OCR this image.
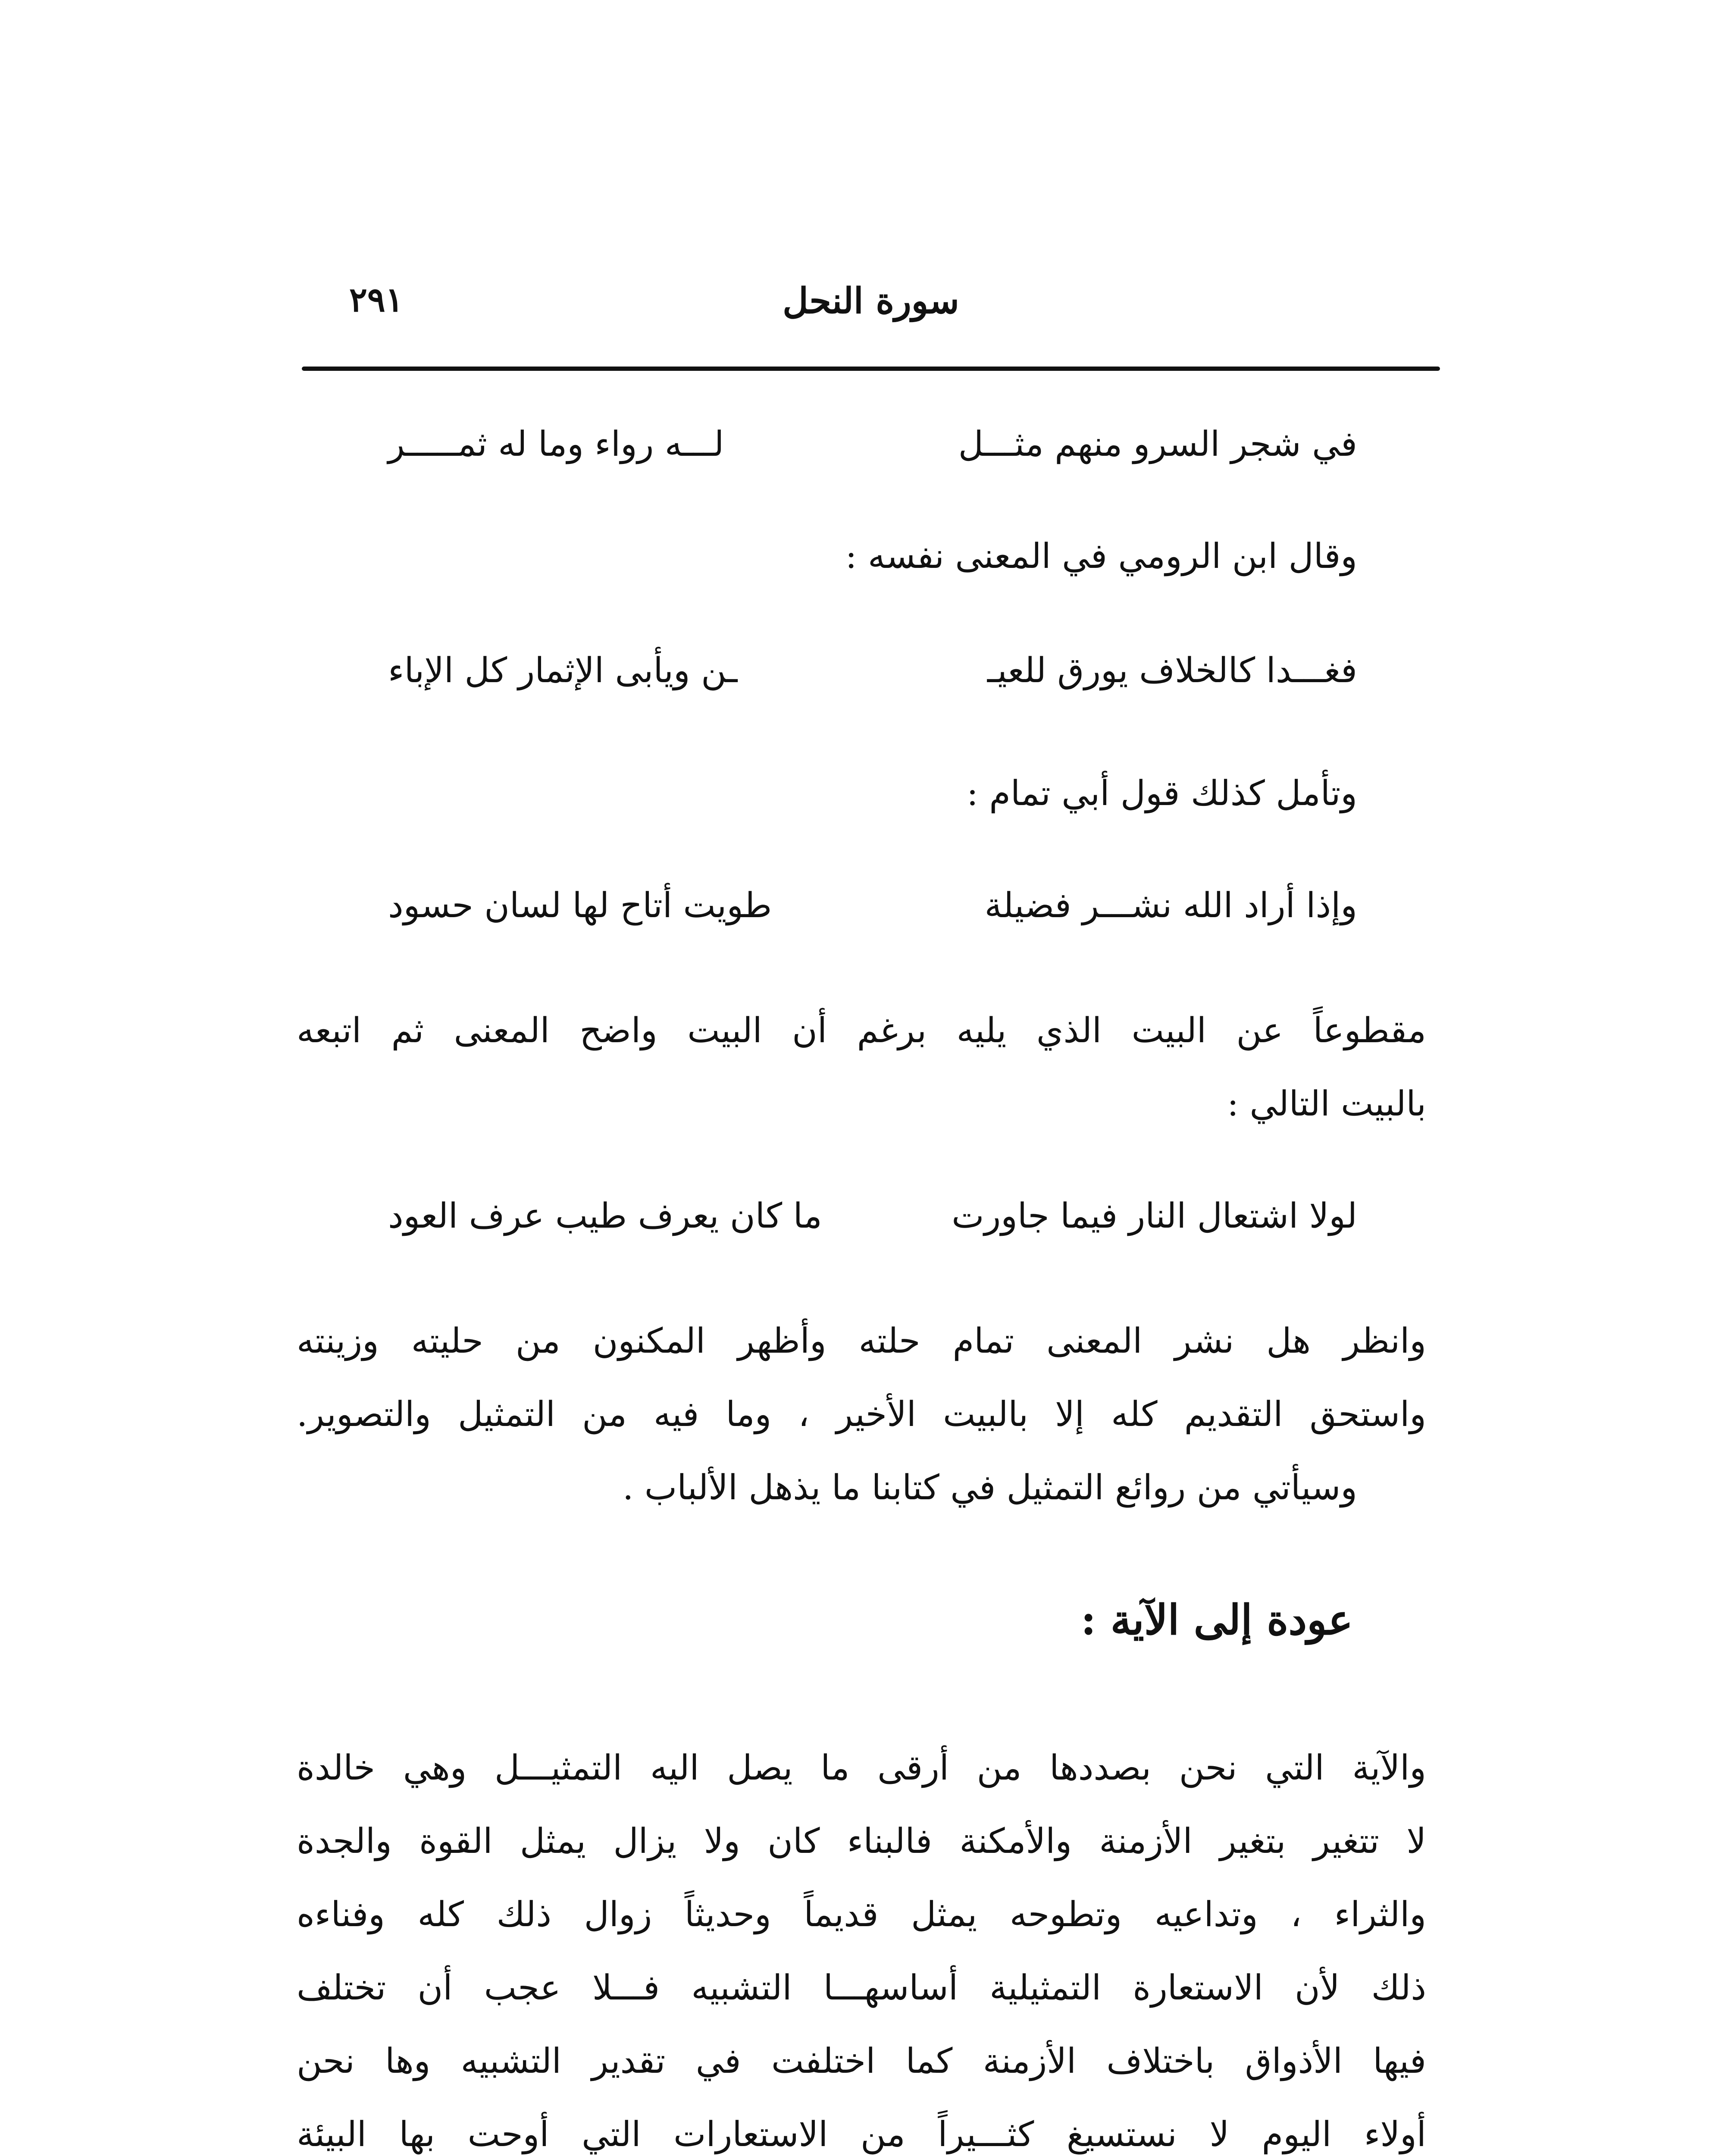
سورة النحل
٢٩١
في شجر السرو منهم مثـــل
لـــه رواء وما له ثمـــــر
وقال ابن الرومي في المعنى نفسه :
فغـــدا كالخلاف يورق للعيـ
ـن ويأبى الإثمار كل الإباء
وتأمل كذلك قول أبي تمام :
وإذا أراد الله نشـــر فضيلة
طويت أتاح لها لسان حسود
مقطوعاً عن البيت الذي يليه برغم أن البيت واضح المعنى ثم اتبعه
بالبيت التالي :
لولا اشتعال النار فيما جاورت
ما كان يعرف طيب عرف العود
وانظر هل نشر المعنى تمام حلته وأظهر المكنون من حليته وزينته
واستحق التقديم كله إلا بالبيت الأخير ، وما فيه من التمثيل والتصوير.
وسيأتي من روائع التمثيل في كتابنا ما يذهل الألباب .
عودة إلى الآية :
والآية التي نحن بصددها من أرقى ما يصل اليه التمثيـــل وهي خالدة
لا تتغير بتغير الأزمنة والأمكنة فالبناء كان ولا يزال يمثل القوة والجدة
والثراء ، وتداعيه وتطوحه يمثل قديماً وحديثاً زوال ذلك كله وفناءه
ذلك لأن الاستعارة التمثيلية أساسهـــا التشبيه فـــلا عجب أن تختلف
فيها الأذواق باختلاف الأزمنة كما اختلفت في تقدير التشبيه وها نحن
أولاء اليوم لا نستسيغ كثـــيراً من الاستعارات التي أوحت بها البيئة
